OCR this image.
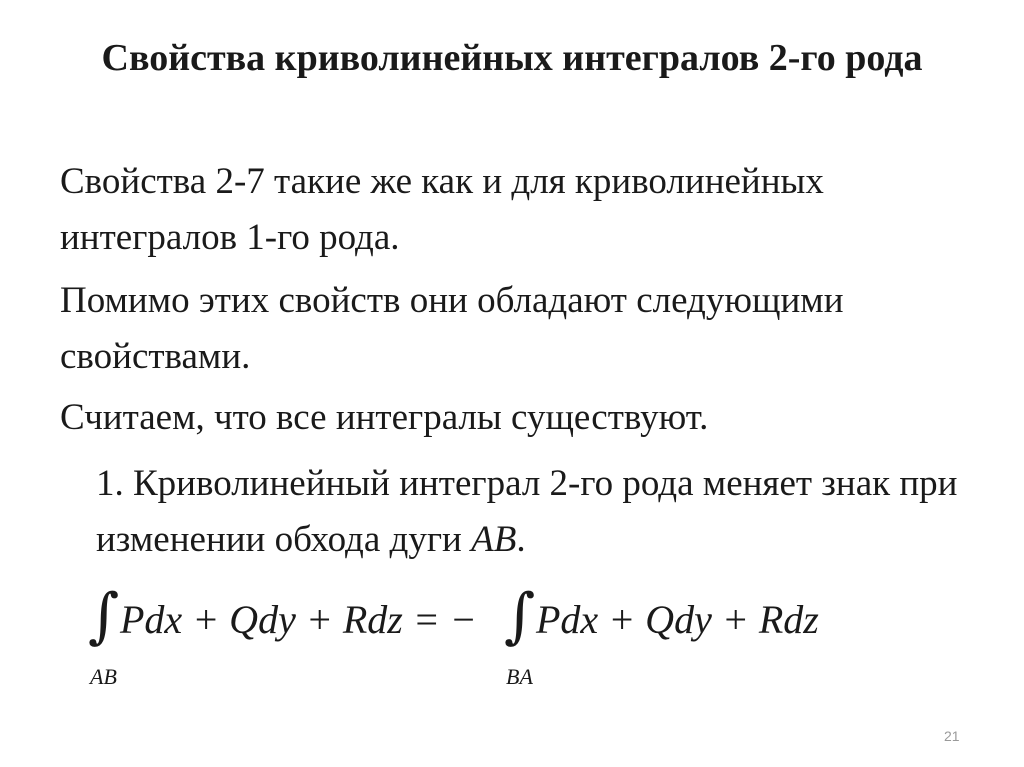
Свойства криволинейных интегралов 2-го рода

Свойства 2-7 такие же как и для криволинейных интегралов 1-го рода.

Помимо этих свойств они обладают следующими свойствами.

Считаем, что все интегралы существуют.

1. Криволинейный интеграл 2-го рода меняет знак при изменении обхода дуги AB.

∫ Pdx + Qdy + Rdz = −
AB
∫ Pdx + Qdy + Rdz
BA
21
